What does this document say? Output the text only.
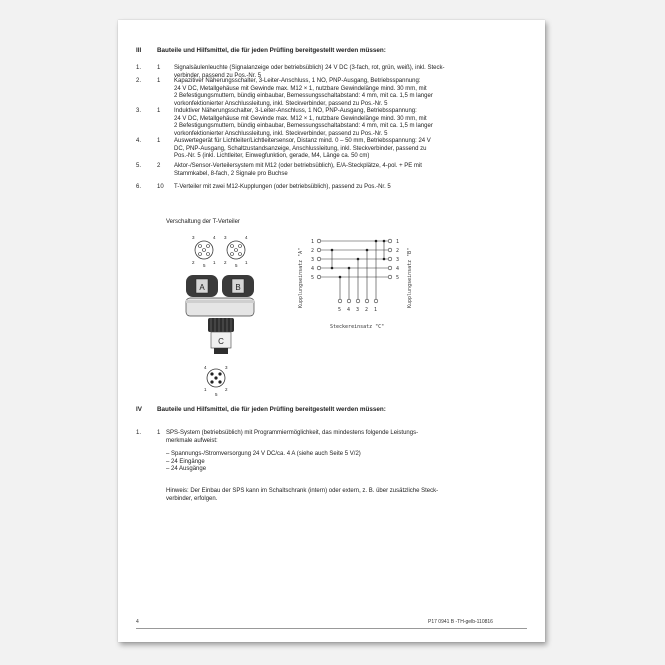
III	Bauteile und Hilfsmittel, die für jeden Prüfling bereitgestellt werden müssen:
1.	1 Signalsäulenleuchte (Signalanzeige oder betriebsüblich) 24 V DC (3-fach, rot, grün, weiß), inkl. Steck-
verbinder, passend zu Pos.-Nr. 5
2.	1 Kapazitiver Näherungsschalter, 3-Leiter-Anschluss, 1 NO, PNP-Ausgang, Betriebsspannung:
24 V DC, Metallgehäuse mit Gewinde max. M12 × 1, nutzbare Gewindelänge mind. 30 mm, mit
2 Befestigungsmuttern, bündig einbaubar, Bemessungsschaltabstand: 4 mm, mit ca. 1,5 m langer
vorkonfektionierter Anschlussleitung, inkl. Steckverbinder, passend zu Pos.-Nr. 5
3.	1 Induktiver Näherungsschalter, 3-Leiter-Anschluss, 1 NO, PNP-Ausgang, Betriebsspannung:
24 V DC, Metallgehäuse mit Gewinde max. M12 × 1, nutzbare Gewindelänge mind. 30 mm, mit
2 Befestigungsmuttern, bündig einbaubar, Bemessungsschaltabstand: 4 mm, mit ca. 1,5 m langer
vorkonfektionierter Anschlussleitung, inkl. Steckverbinder, passend zu Pos.-Nr. 5
4.	1 Auswertegerät für Lichtleiter/Lichtleitersensor, Distanz mind. 0 – 50 mm, Betriebsspannung: 24 V
DC, PNP-Ausgang, Schaltzustandsanzeige, Anschlussleitung, inkl. Steckverbinder, passend zu
Pos.-Nr. 5 (inkl. Lichtleiter, Einwegfunktion, gerade, M4, Länge ca. 50 cm)
5.	2 Aktor-/Sensor-Verteilersystem mit M12 (oder betriebsüblich), E/A-Steckplätze, 4-pol. + PE mit
Stammkabel, 8-fach, 2 Signale pro Buchse
6.	10 T-Verteiler mit zwei M12-Kupplungen (oder betriebsüblich), passend zu Pos.-Nr. 5
Verschaltung der T-Verteiler
3	4
2	1
5
3	4
2	1
5
A	B
C
4	3
1	2
5
Kupplungseinsatz "A"	Kupplungseinsatz "B"
1
2
3
4
5
1
2
3
4
5
5 4 3 2 1
Steckereinsatz "C"
IV Bauteile und Hilfsmittel, die für jeden Prüfling bereitgestellt werden müssen:
1.	1 SPS-System (betriebsüblich) mit Programmiermöglichkeit, das mindestens folgende Leistungs-
merkmale aufweist:
– Spannungs-/Stromversorgung 24 V DC/ca. 4 A (siehe auch Seite 5 V/2)
– 24 Eingänge
– 24 Ausgänge
Hinweis: Der Einbau der SPS kann im Schaltschrank (intern) oder extern, z. B. über zusätzliche Steck-
verbinder, erfolgen.
4	P17 0941 B -TH-gelb-110816
